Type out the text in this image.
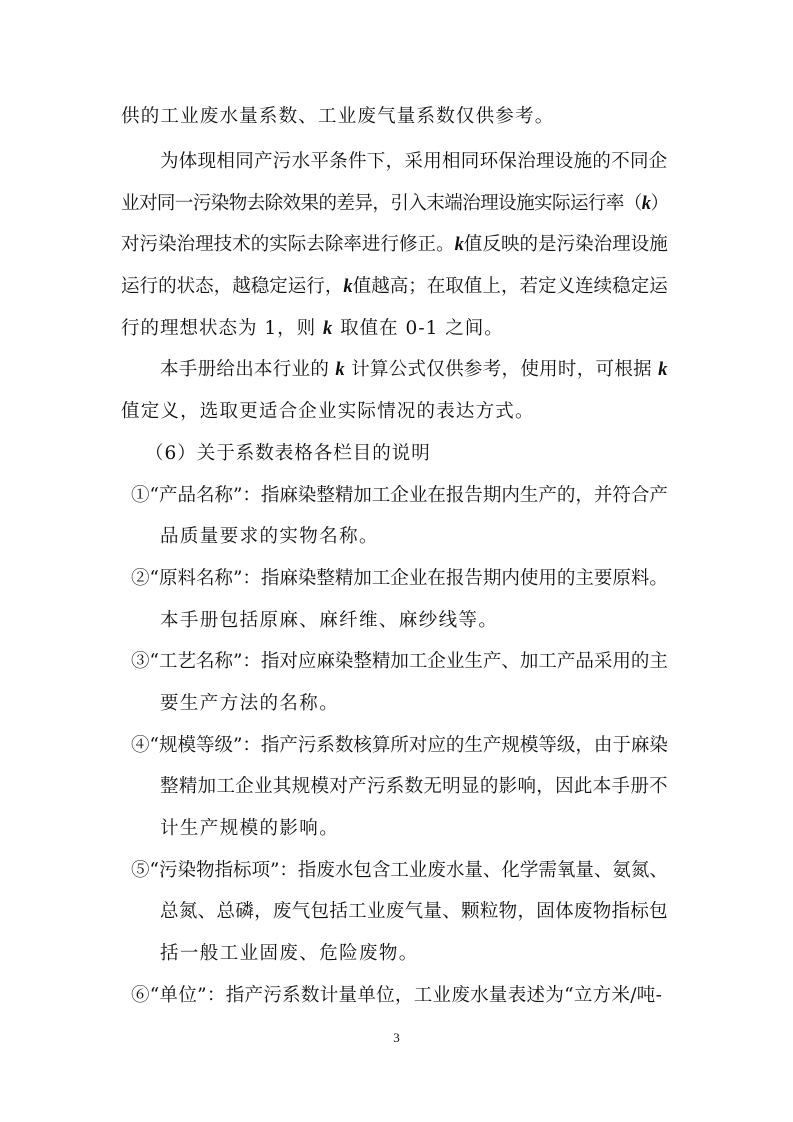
供的工业废水量系数、工业废气量系数仅供参考。
为体现相同产污水平条件下，采用相同环保治理设施的不同企
业对同一污染物去除效果的差异，引入末端治理设施实际运行率（k）
对污染治理技术的实际去除率进行修正。k值反映的是污染治理设施
运行的状态，越稳定运行，k值越高；在取值上，若定义连续稳定运
行的理想状态为 1，则 k 取值在 0-1 之间。
本手册给出本行业的 k 计算公式仅供参考，使用时，可根据 k
值定义，选取更适合企业实际情况的表达方式。
（6）关于系数表格各栏目的说明
①“产品名称”：指麻染整精加工企业在报告期内生产的，并符合产
品质量要求的实物名称。
②“原料名称”：指麻染整精加工企业在报告期内使用的主要原料。
本手册包括原麻、麻纤维、麻纱线等。
③“工艺名称”：指对应麻染整精加工企业生产、加工产品采用的主
要生产方法的名称。
④“规模等级”：指产污系数核算所对应的生产规模等级，由于麻染
整精加工企业其规模对产污系数无明显的影响，因此本手册不
计生产规模的影响。
⑤“污染物指标项”：指废水包含工业废水量、化学需氧量、氨氮、
总氮、总磷，废气包括工业废气量、颗粒物，固体废物指标包
括一般工业固废、危险废物。
⑥“单位”：指产污系数计量单位，工业废水量表述为“立方米/吨-
3
